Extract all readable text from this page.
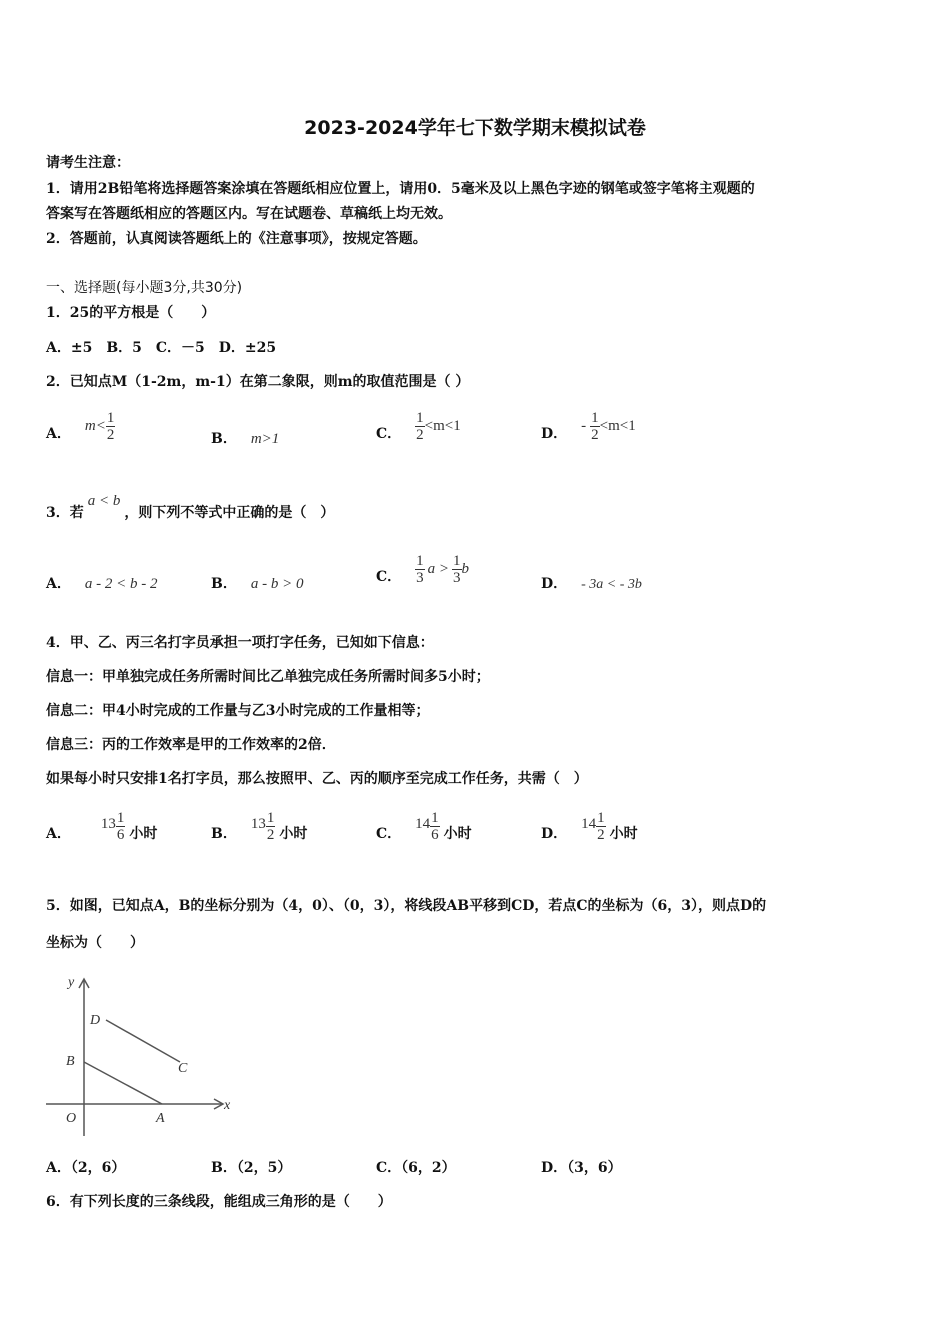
2023-2024学年七下数学期末模拟试卷
请考生注意：
1．请用2B铅笔将选择题答案涂填在答题纸相应位置上，请用0．5毫米及以上黑色字迹的钢笔或签字笔将主观题的
答案写在答题纸相应的答题区内。写在试题卷、草稿纸上均无效。
2．答题前，认真阅读答题纸上的《注意事项》，按规定答题。
一、选择题(每小题3分,共30分)
1．25的平方根是（　　）
A．±5　B．5　C．－5　D．±25
2．已知点M（1-2m，m-1）在第二象限，则m的取值范围是（ ）
A．
$m< \frac{1}{2}$	B． m>1	C． $\frac{1}{2} <m<1$
D．
- $\frac{1}{2} <m<1$
3．若a < b，则下列不等式中正确的是（　）
A． a - 2 < b - 2	B． a - b > 0	C． $\frac{1}{3}$ $a > \frac{1}{3}$ b
D． - 3a < - 3b
4．甲、乙、丙三名打字员承担一项打字任务，已知如下信息：
信息一：甲单独完成任务所需时间比乙单独完成任务所需时间多5小时；
信息二：甲4小时完成的工作量与乙3小时完成的工作量相等；
信息三：丙的工作效率是甲的工作效率的2倍．
如果每小时只安排1名打字员，那么按照甲、乙、丙的顺序至完成工作任务，共需（　）
A．
$13 \frac{1}{6}$ 小时	B．
$13 \frac{1}{2}$ 小时	C．
$14 \frac{1}{6}$ 小时	D．
$14 \frac{1}{2}$ 小时
5．如图，已知点A，B的坐标分别为（4，0）、（0，3），将线段AB平移到CD，若点C的坐标为（6，3），则点D的
坐标为（　　）
y
x
O	A
B	C
D
A．（2，6）	B．（2，5）	C．（6，2）	D．（3，6）
6．有下列长度的三条线段，能组成三角形的是（　　）
